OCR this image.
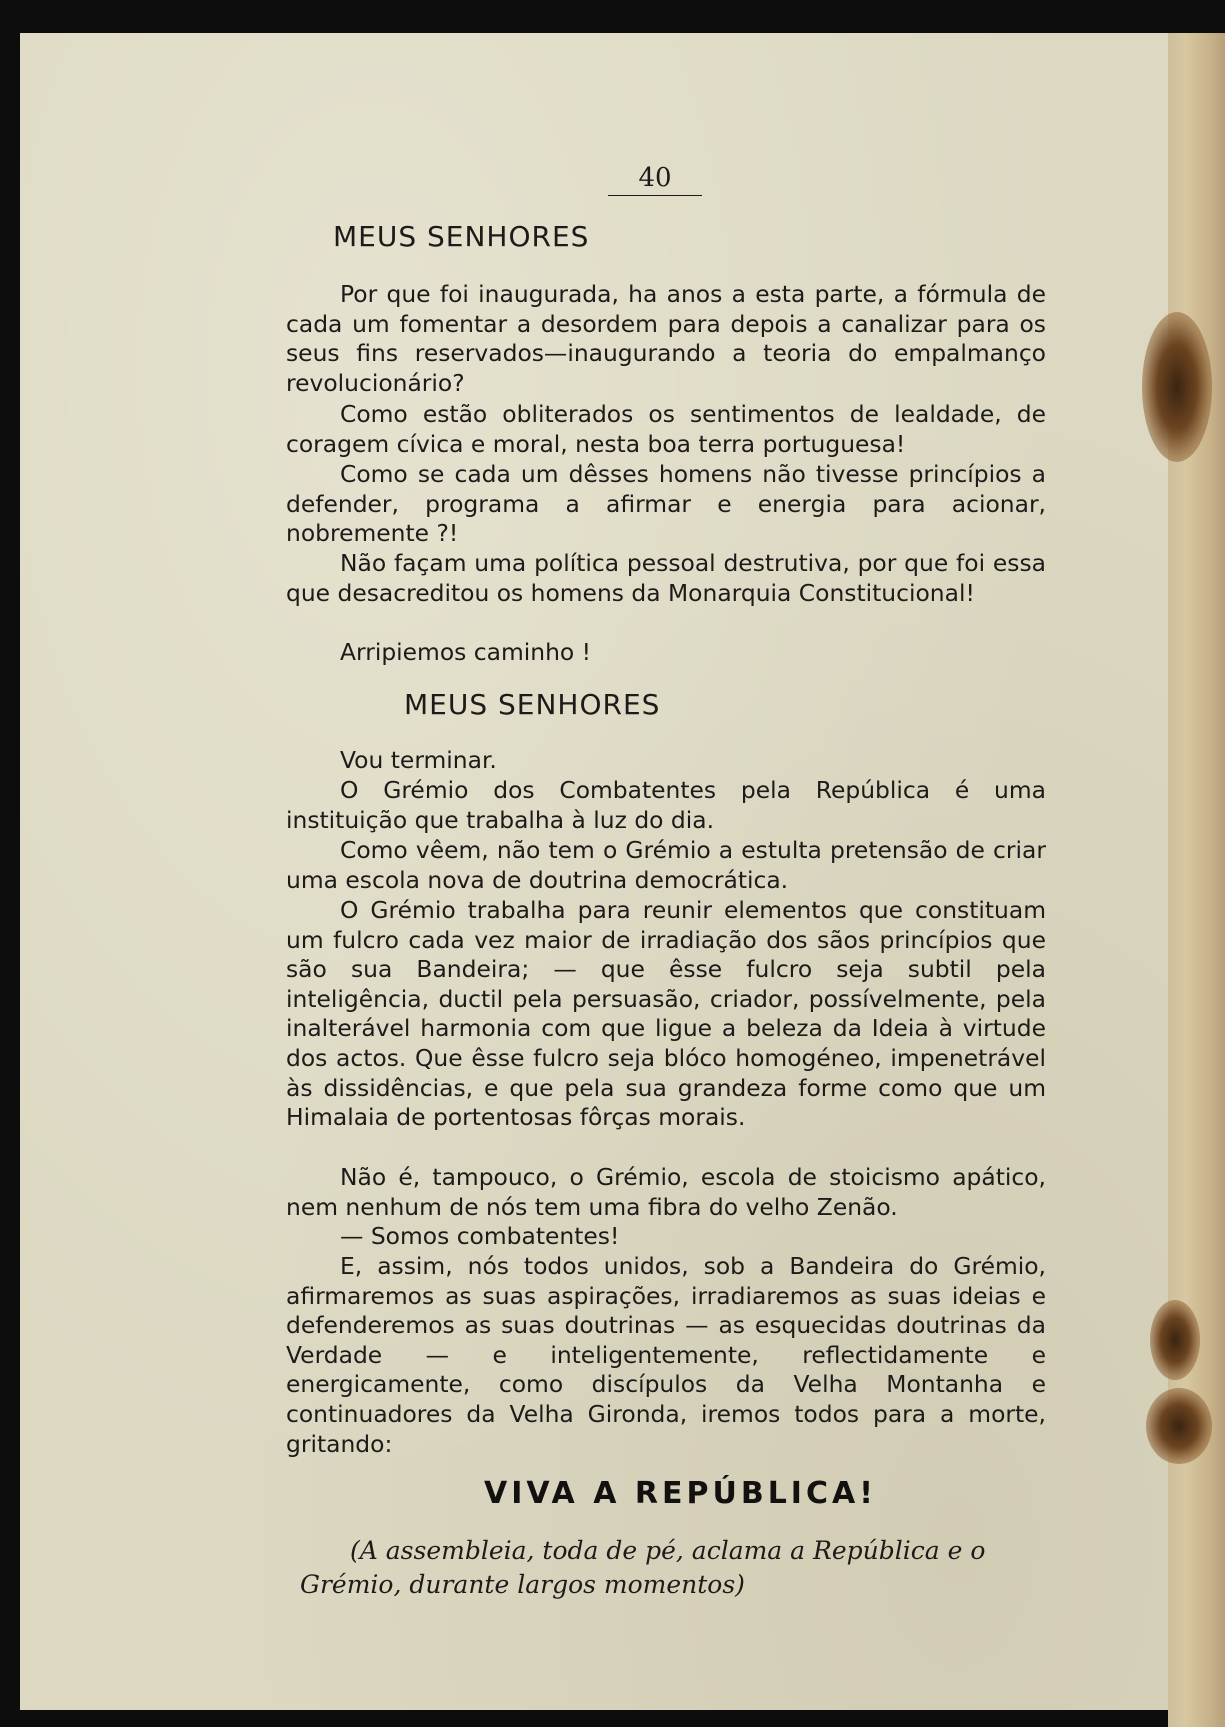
40
MEUS SENHORES
Por que foi inaugurada, ha anos a esta parte, a fórmula de cada um fomentar a desordem para depois a canalizar para os seus fins reservados—inaugurando a teoria do empalmanço revolucionário?
Como estão obliterados os sentimentos de lealdade, de coragem cívica e moral, nesta boa terra portuguesa!
Como se cada um dêsses homens não tivesse princípios a defender, programa a afirmar e energia para acionar, nobremente ?!
Não façam uma política pessoal destrutiva, por que foi essa que desacreditou os homens da Monarquia Constitucional!
Arripiemos caminho !
MEUS SENHORES
Vou terminar.
O Grémio dos Combatentes pela República é uma instituição que trabalha à luz do dia.
Como vêem, não tem o Grémio a estulta pretensão de criar uma escola nova de doutrina democrática.
O Grémio trabalha para reunir elementos que constituam um fulcro cada vez maior de irradiação dos sãos princípios que são sua Bandeira; — que êsse fulcro seja subtil pela inteligência, ductil pela persuasão, criador, possívelmente, pela inalterável harmonia com que ligue a beleza da Ideia à virtude dos actos. Que êsse fulcro seja blóco homogéneo, impenetrável às dissidências, e que pela sua grandeza forme como que um Himalaia de portentosas fôrças morais.
Não é, tampouco, o Grémio, escola de stoicismo apático, nem nenhum de nós tem uma fibra do velho Zenão.
— Somos combatentes!
E, assim, nós todos unidos, sob a Bandeira do Grémio, afirmaremos as suas aspirações, irradiaremos as suas ideias e defenderemos as suas doutrinas — as esquecidas doutrinas da Verdade — e inteligentemente, reflectidamente e energicamente, como discípulos da Velha Montanha e continuadores da Velha Gironda, iremos todos para a morte, gritando:
VIVA A REPÚBLICA!
(A assembleia, toda de pé, aclama a República e o Grémio, durante largos momentos)
